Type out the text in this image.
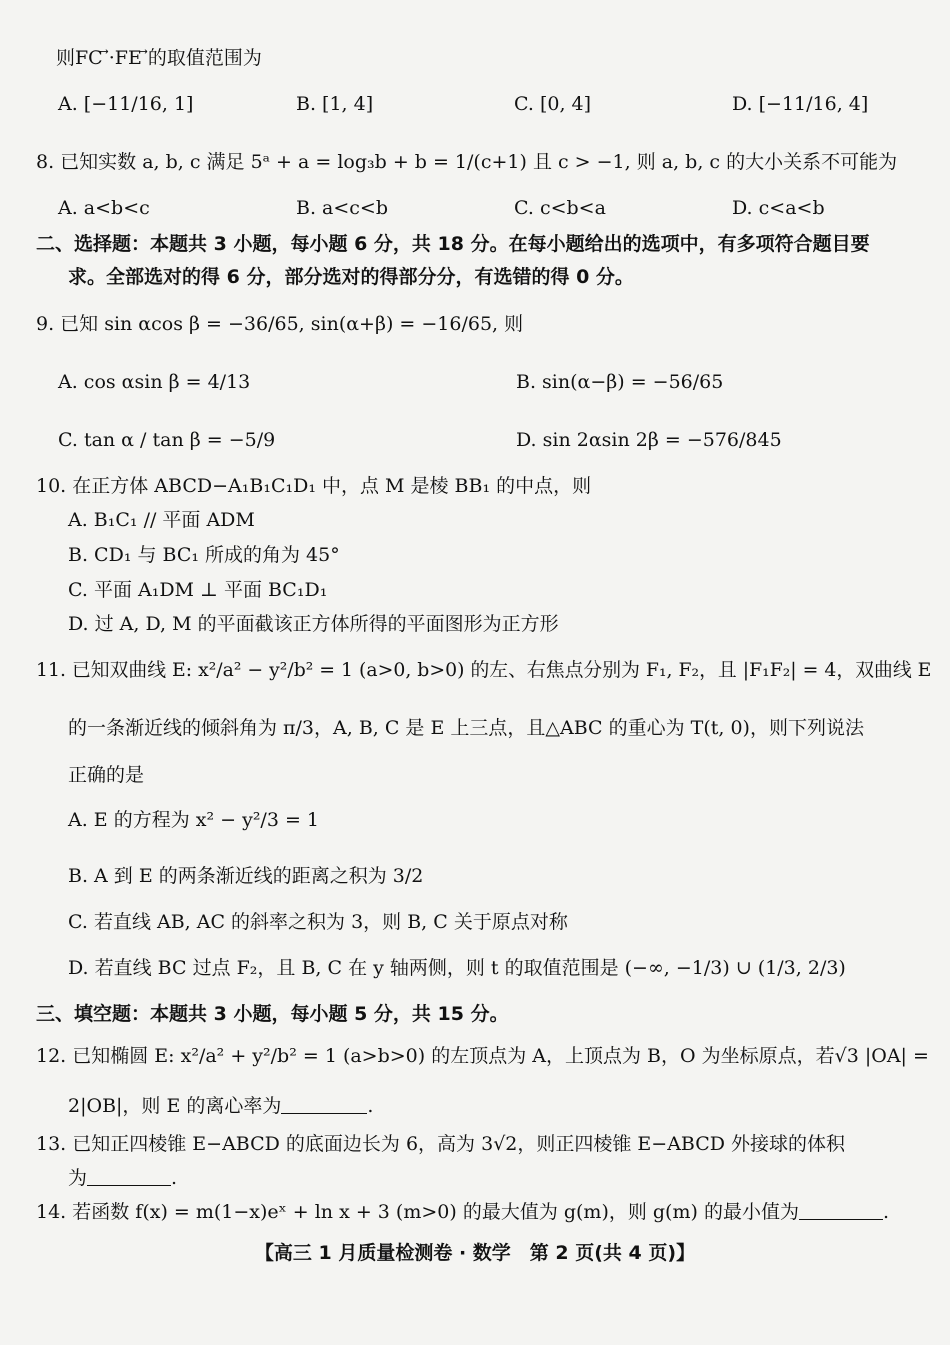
则FC ⃗·FE ⃗的取值范围为
A. [−11/16, 1]	B. [1, 4]	C. [0, 4]	D. [−11/16, 4]
8. 已知实数 a, b, c 满足 5ᵃ + a = log₃b + b = 1/(c+1) 且 c > −1, 则 a, b, c 的大小关系不可能为
A. a<b<c	B. a<c<b	C. c<b<a	D. c<a<b
二、选择题：本题共 3 小题，每小题 6 分，共 18 分。在每小题给出的选项中，有多项符合题目要
求。全部选对的得 6 分，部分选对的得部分分，有选错的得 0 分。
9. 已知 sin αcos β = −36/65, sin(α+β) = −16/65, 则
A. cos αsin β = 4/13	B. sin(α−β) = −56/65
C. tan α / tan β = −5/9	D. sin 2αsin 2β = −576/845
10. 在正方体 ABCD−A₁B₁C₁D₁ 中，点 M 是棱 BB₁ 的中点，则
A. B₁C₁ // 平面 ADM
B. CD₁ 与 BC₁ 所成的角为 45°
C. 平面 A₁DM ⊥ 平面 BC₁D₁
D. 过 A, D, M 的平面截该正方体所得的平面图形为正方形
11. 已知双曲线 E: x²/a² − y²/b² = 1 (a>0, b>0) 的左、右焦点分别为 F₁, F₂，且 |F₁F₂| = 4，双曲线 E
的一条渐近线的倾斜角为 π/3，A, B, C 是 E 上三点，且△ABC 的重心为 T(t, 0)，则下列说法
正确的是
A. E 的方程为 x² − y²/3 = 1
B. A 到 E 的两条渐近线的距离之积为 3/2
C. 若直线 AB, AC 的斜率之积为 3，则 B, C 关于原点对称
D. 若直线 BC 过点 F₂，且 B, C 在 y 轴两侧，则 t 的取值范围是 (−∞, −1/3) ∪ (1/3, 2/3)
三、填空题：本题共 3 小题，每小题 5 分，共 15 分。
12. 已知椭圆 E: x²/a² + y²/b² = 1 (a>b>0) 的左顶点为 A，上顶点为 B，O 为坐标原点，若√3 |OA| =
2|OB|，则 E 的离心率为	.
13. 已知正四棱锥 E−ABCD 的底面边长为 6，高为 3√2，则正四棱锥 E−ABCD 外接球的体积
为	.
14. 若函数 f(x) = m(1−x)eˣ + ln x + 3 (m>0) 的最大值为 g(m)，则 g(m) 的最小值为	.
【高三 1 月质量检测卷 · 数学　第 2 页(共 4 页)】
